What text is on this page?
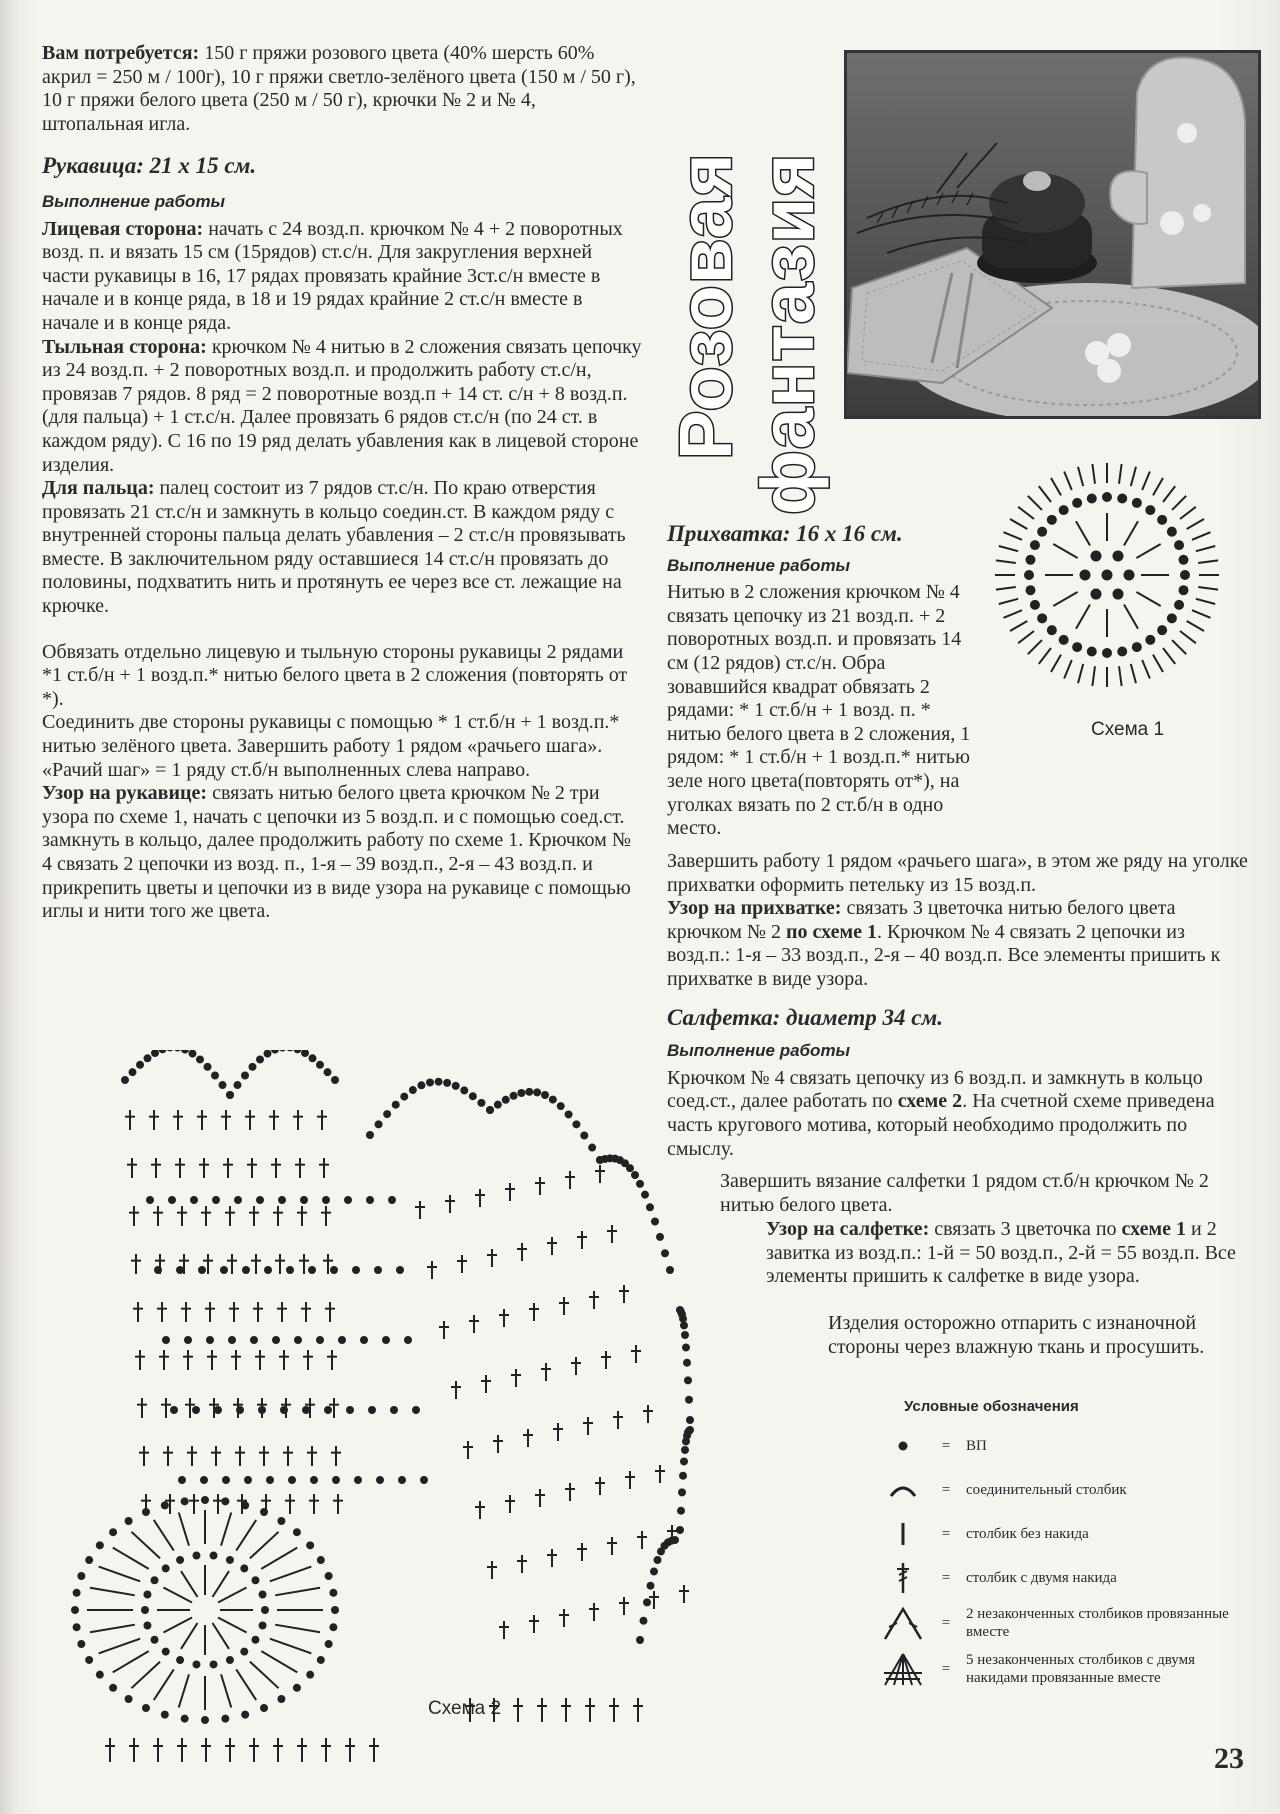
Вам потребуется: 150 г пряжи розового цвета (40% шерсть 60% акрил = 250 м / 100г), 10 г пряжи светло-зелёного цвета (150 м / 50 г), 10 г пряжи белого цвета (250 м / 50 г), крючки № 2 и № 4, штопальная игла.

Рукавица: 21 х 15 см.

Выполнение работы

Лицевая сторона: начать с 24 возд.п. крючком № 4 + 2 поворотных возд. п. и вязать 15 см (15рядов) ст.с/н. Для закругления верхней части рукавицы в 16, 17 рядах провязать крайние 3ст.с/н вместе в начале и в конце ряда, в 18 и 19 рядах крайние 2 ст.с/н вместе в начале и в конце ряда.

Тыльная сторона: крючком № 4 нитью в 2 сложения связать цепочку из 24 возд.п. + 2 поворотных возд.п. и продолжить работу ст.с/н, провязав 7 рядов. 8 ряд = 2 поворотные возд.п + 14 ст. с/н + 8 возд.п. (для пальца) + 1 ст.с/н. Далее провязать 6 рядов ст.с/н (по 24 ст. в каждом ряду). С 16 по 19 ряд делать убавления как в лицевой стороне изделия.

Для пальца: палец состоит из 7 рядов ст.с/н. По краю отверстия провязать 21 ст.с/н и замкнуть в кольцо соедин.ст. В каждом ряду с внутренней стороны пальца делать убавления – 2 ст.с/н провязывать вместе. В заключительном ряду оставшиеся 14 ст.с/н провязать до половины, подхватить нить и протянуть ее через все ст. лежащие на крючке.

Обвязать отдельно лицевую и тыльную стороны рукавицы 2 рядами *1 ст.б/н + 1 возд.п.* нитью белого цвета в 2 сложения (повторять от *).

Соединить две стороны рукавицы с помощью * 1 ст.б/н + 1 возд.п.* нитью зелёного цвета. Завершить работу 1 рядом «рачьего шага». «Рачий шаг» = 1 ряду ст.б/н выполненных слева направо.

Узор на рукавице: связать нитью белого цвета крючком № 2 три узора по схеме 1, начать с цепочки из 5 возд.п. и с помощью соед.ст. замкнуть в кольцо, далее продолжить работу по схеме 1. Крючком № 4 связать 2 цепочки из возд. п., 1-я – 39 возд.п., 2-я – 43 возд.п. и прикрепить цветы и цепочки из в виде узора на рукавице с помощью иглы и нити того же цвета.

Розовая фантазия
Схема 1

Прихватка: 16 х 16 см.

Выполнение работы

Нитью в 2 сложения крючком № 4 связать цепочку из 21 возд.п. + 2 поворотных возд.п. и провязать 14 см (12 рядов) ст.с/н. Обра зовавшийся квадрат обвязать 2 рядами: * 1 ст.б/н + 1 возд. п. * нитью белого цвета в 2 сложения, 1 рядом: * 1 ст.б/н + 1 возд.п.* нитью зеле ного цвета(повторять от*), на уголках вязать по 2 ст.б/н в одно место.

Завершить работу 1 рядом «рачьего шага», в этом же ряду на уголке прихватки оформить петельку из 15 возд.п.

Узор на прихватке: связать 3 цветочка нитью белого цвета крючком № 2 по схеме 1. Крючком № 4 связать 2 цепочки из возд.п.: 1-я – 33 возд.п., 2-я – 40 возд.п. Все элементы пришить к прихватке в виде узора.

Салфетка: диаметр 34 см.

Выполнение работы

Крючком № 4 связать цепочку из 6 возд.п. и замкнуть в кольцо соед.ст., далее работать по схеме 2. На счетной схеме приведена часть кругового мотива, который необходимо продолжить по смыслу.

Завершить вязание салфетки 1 рядом ст.б/н крючком № 2 нитью белого цвета.

Узор на салфетке: связать 3 цветочка по схеме 1 и 2 завитка из возд.п.: 1-й = 50 возд.п., 2-й = 55 возд.п. Все элементы пришить к салфетке в виде узора.

Изделия осторожно отпарить с изнаночной стороны через влажную ткань и просушить.

Условные обозначения
=	ВП
=	соединительный столбик
=	столбик без накида
=	столбик с двумя накида
=
2 незаконченных столбиков провязанные вместе
=
5 незаконченных столбиков с двумя накидами провязанные вместе
Схема 2
23
